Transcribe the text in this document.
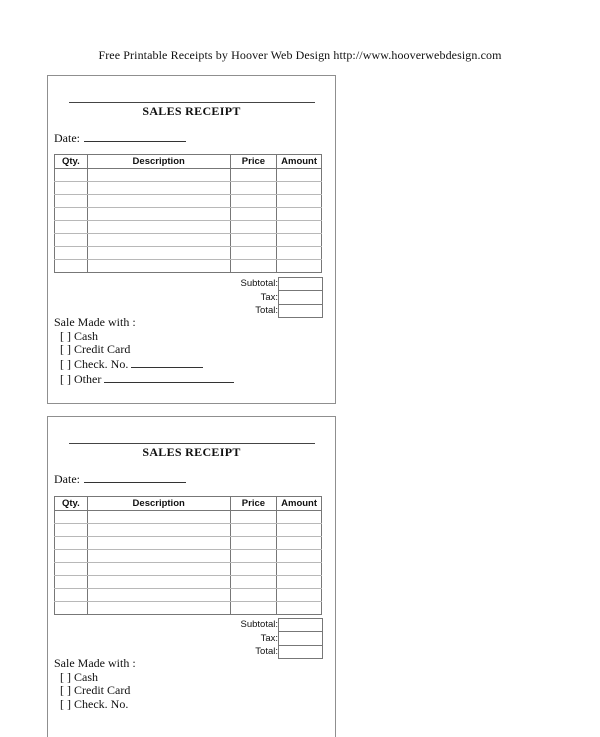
Free Printable Receipts by Hoover Web Design http://www.hooverwebdesign.com
SALES RECEIPT
Date:
Qty.	Description	Price	Amount

Subtotal:
Tax:
Total:
Sale Made with :
[ ] Cash
[ ] Credit Card
[ ] Check. No.
[ ] Other
SALES RECEIPT
Date:
Qty.	Description	Price	Amount

Subtotal:
Tax:
Total:
Sale Made with :
[ ] Cash
[ ] Credit Card
[ ] Check. No.
